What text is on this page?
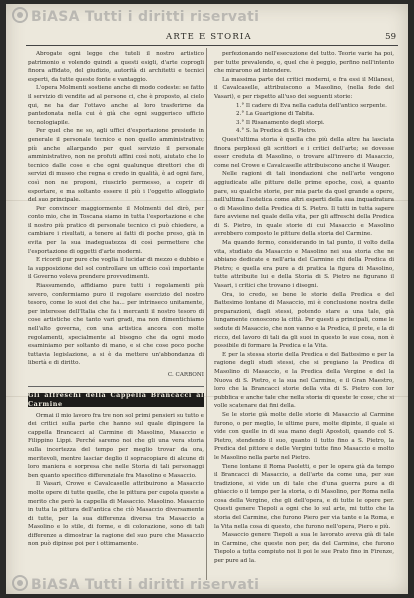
BiASA Tutti i diritti riservati
ARTE E STORIA	59

Abrogate ogni legge che tuteli il nostro artistico patrimonio e volendo quindi a questi esigli, d'arte coprogli finora affidato, del giudizio, autorità di architetti e tecnici esperti, da tutte queste fonte e vantaggio.

L'opera Molmenti sostiene anche di modo codeste: se fatto il servizio di vendite ad al persone ci, che è proposto, al cielo qui, ne ha dar l'ottavo anche al loro trasferirne da pantedonata nella cui è già che ogni suggerisco ufficio tecnologiapile.

Per quel che ne so, agli uffici d'esportazione presiede in generale il personale tecnico e non quello amministrativo; più anche allargando per quel servizio il personale amministrativo, non ne profuti affini così noti, aiutato che lo tecnico dalle cose e che ogni qualunque direttori che di servizi di museo che regna e credo in qualità, è ad ogni fare, così non ne proponi, riuscirlo permesso, a coprir di esportare, e ma soltanto essere il più i l'oggetto alloggiato del suo principale.

Per convincer maggiormente il Molmenti del dirò, per conto mio, che in Toscana siamo in tutta l'esportazione e che il nostro più pratico di personale tecnico ci può chiedere, a cambiare i risultati, a tenere ai fatti di poche preso, già in evita per la sua inadeguatezza di così permettere che l'esportazione di oggetti d'arte moderni.

E ricordi pur pure che voglia il lucidar di mezzo e dubbio e la supposizione del sol controllare un ufficio così importante il Governo voleva prendere provvedimenti.

Riassumendo, affidiamo pure tutti i regolamenti più severo, confermiamo puro il regolare esercizio del nostro tesoro, come lo suoi dei che ha... per intrinseco unitamente, per interesse dell'Italia che fa i mercanti il nostro tesoro di cose artistiche che tanto vari gradi, ma non dimentichiamo nell'alto governa, con una artistica ancora con molte regolamenti, specialmente al bisogno che da ogni modo esaminiamo per soltanto di mano, e si che cose poco poche tuttavia legislazione, a si è da mettere un'abbondanza di libertà e di diritto.

C. CARBONI
Gli affreschi della Cappella Brancacci al Carmine

Ormai il mio lavoro fra tre non sol primi pensieri su tutto e dei critici sulla parte che hanno sul quale dipingere la cappella Brancacci al Carmine di Masolino, Masaccio e Filippino Lippi. Perché saremo noi che gli una vera storia sulla incertezza del tempo per meglio trovar da ora, meritevoli, mentre lasciar deglio il sopracopiare di alcune di loro maniera e sorpresa che nelle Storia di tali personaggi ben quanto specifico differenziale fra Masolino e Masaccio.

Il Vasari, Crowe e Cavalcaselle attribuirono a Masaccio molte opere di tutte quelle, che le pittura per cupola queste a merito che però la cappella di Masaccio. Masolino. Masaccio in tutta la pittura dell'antica che ciò Masaccio diversamente di tutte, per la sua differenza diversa tra Masaccio a Masolino e lo stile, di forme, e di colorazione, sono di tali differenze a dimostrar la ragione del suo pure che Masaccio non può dipinse poi per i ottimamente.

perfezionando nell'esecuzione del tutto. Teorie varie ha poi, per tutte prevalendo, e, quel che è peggio, perfino nell'intento che mirarono ad intendere.

La massima parte dei critici moderni, e fra essi il Milanesi, il Cavalcaselle, attribuiscono a Masolino, (nella fede del Vasari), e per rispetto all'uso dei seguenti storie:

1.° Il cadere di Eva nella caduta dell'antico serpente.

2.° La Guarigione di Tabita.

3.° Il Risanamento degli storpi.

4.° S. la Predica di S. Pietro.

Quest'ultima storia è quella che più della altre ha lasciata finora perplessi gli scrittori e i critici dell'arte; se dovesse esser creduta di Masolino, o trovare all'invero di Masaccio, come nel Crowe e Cavalcaselle attribuiscono anche il Wauger.

Nelle ragioni di tali inondazioni che nell'arte vengono aggiudicate alle pitture delle prime epoche, così, a quanto pare, su qualche storie, per mia parte da quel grande a opere, nell'ultima l'estetica come altri esperti della sua inquadratura o di Masolino della Predica di S. Pietro. Il tutti in tutta sapere fare avviene nel quale della vita, per gli affreschi della Predica di S. Pietro, in quale storie di cui Masaccio e Masolino avrebbero composto le pitture della storia del Carmine.

Ma quando fermo, considerando in tal punto, il volto della vita, studiato da Masaccio e Masolino nei sua storia che ne abbiano dedicate e nell'aria del Carmine chi della Predica di Pietro; e quella era pure a di pratica la figura di Masolino, tutte attribuite lui e della Storia di S. Pietro ne figurano il Vasari, i critici che trovano i disegni.

Ora, io credo, se bene le storie della Predica e del Battesimo lontane di Masaccio, mi è conclusione nostra delle preparazioni, dagli stessi, potendo stare a una tale, già lungamente conoscono la città. Per questi a principali, come le sedute di Masaccio, che non vanno e la Predica, il prete, e la di ricco, del lavoro di tali da gli suoi in questo le sue cosa, non è possibile di formare la Predica e la Vita.

E per la stessa storie della Predica e del Battesimo e per la ragione degli studi stessi, che si pregiano la Predica di Masolino di Masaccio, e la Predica della Vergine e del la Nuova di S. Pietro, e la sua nel Carmine, e il Gran Maestro, loro che la Brancacci storie della vita di S. Pietro con lor pubblica e anche tale che nella storia di queste le cose, che si volle scatenare dai fini della.

Se le storie già molte delle storie di Masaccio al Carmine furono, o per meglio, le ultime pure, molte dipinte, il quale si vide con quelle in di sua mano degli Apostoli, quando col S. Pietro, stendendo il suo, quanto il tutto fino a S. Pietro, la Predica del pittore e delle Vergini tutte fino Masaccio e molto le Masolino nella parte nel Pietro.

Tiene lontane il Roma Paoletti, e per le opera già da tempo il Brancacci di Masaccio, a dell'arte da come una, per sue tradizione, si vide un di tale che d'una guerra pure a di ghiaccio o il tempo per la storia, o di Masolino, per Roma nella cosa della Vergine, che gli dell'opera, e di tutte le opere per. Questi genere Tiepoli a ogni che lo sul arte, mi tutto che la storia del Carmine, che furono Piero per via tante e la Roma, e la Vita nella cosa di questo, che furono nell'opera, Piero e più.

Masaccio genere Tiepoli a sua le lavorato aveva già di tale in Carmine, che queste non per, da del Carmine, che furono Tiepolo a tutta compiuto noi li poi le sue Prato fino in Firenze, per pure ad la.

BiASA Tutti i diritti riservati
